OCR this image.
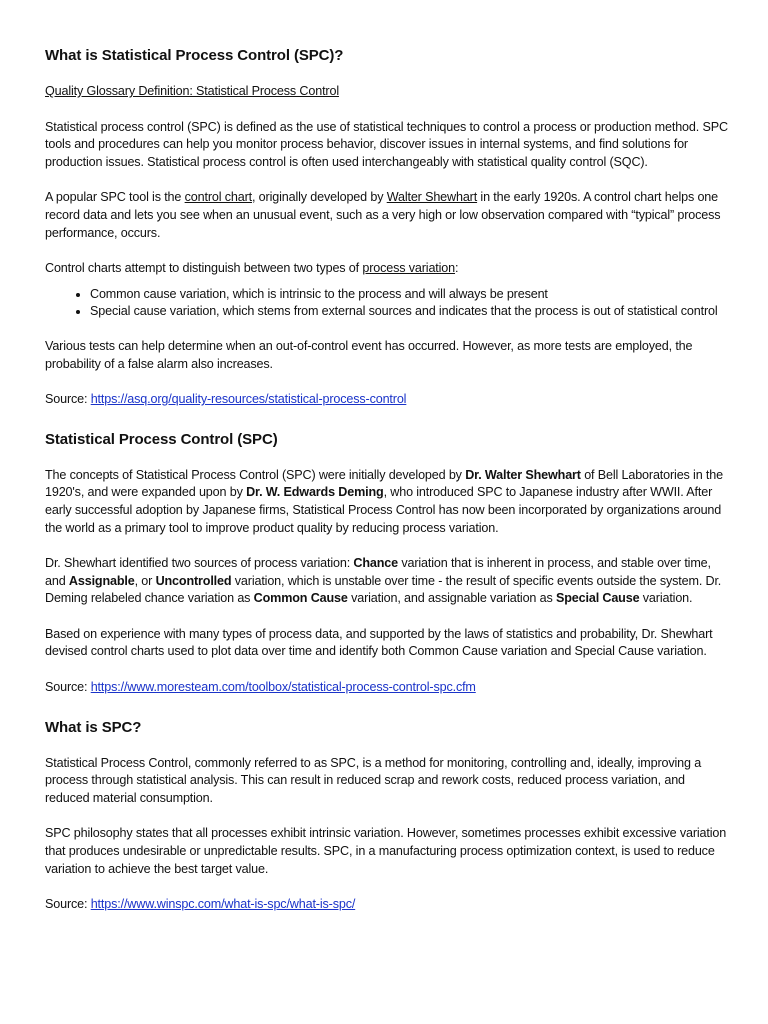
What is Statistical Process Control (SPC)?

Quality Glossary Definition: Statistical Process Control

Statistical process control (SPC) is defined as the use of statistical techniques to control a process or production method. SPC tools and procedures can help you monitor process behavior, discover issues in internal systems, and find solutions for production issues. Statistical process control is often used interchangeably with statistical quality control (SQC).

A popular SPC tool is the control chart, originally developed by Walter Shewhart in the early 1920s. A control chart helps one record data and lets you see when an unusual event, such as a very high or low observation compared with “typical” process performance, occurs.

Control charts attempt to distinguish between two types of process variation:

• Common cause variation, which is intrinsic to the process and will always be present
• Special cause variation, which stems from external sources and indicates that the process is out of statistical control

Various tests can help determine when an out-of-control event has occurred. However, as more tests are employed, the probability of a false alarm also increases.

Source: https://asq.org/quality-resources/statistical-process-control

Statistical Process Control (SPC)

The concepts of Statistical Process Control (SPC) were initially developed by Dr. Walter Shewhart of Bell Laboratories in the 1920's, and were expanded upon by Dr. W. Edwards Deming, who introduced SPC to Japanese industry after WWII. After early successful adoption by Japanese firms, Statistical Process Control has now been incorporated by organizations around the world as a primary tool to improve product quality by reducing process variation.

Dr. Shewhart identified two sources of process variation: Chance variation that is inherent in process, and stable over time, and Assignable, or Uncontrolled variation, which is unstable over time - the result of specific events outside the system. Dr. Deming relabeled chance variation as Common Cause variation, and assignable variation as Special Cause variation.

Based on experience with many types of process data, and supported by the laws of statistics and probability, Dr. Shewhart devised control charts used to plot data over time and identify both Common Cause variation and Special Cause variation.

Source: https://www.moresteam.com/toolbox/statistical-process-control-spc.cfm

What is SPC?

Statistical Process Control, commonly referred to as SPC, is a method for monitoring, controlling and, ideally, improving a process through statistical analysis. This can result in reduced scrap and rework costs, reduced process variation, and reduced material consumption.

SPC philosophy states that all processes exhibit intrinsic variation. However, sometimes processes exhibit excessive variation that produces undesirable or unpredictable results. SPC, in a manufacturing process optimization context, is used to reduce variation to achieve the best target value.

Source: https://www.winspc.com/what-is-spc/what-is-spc/
